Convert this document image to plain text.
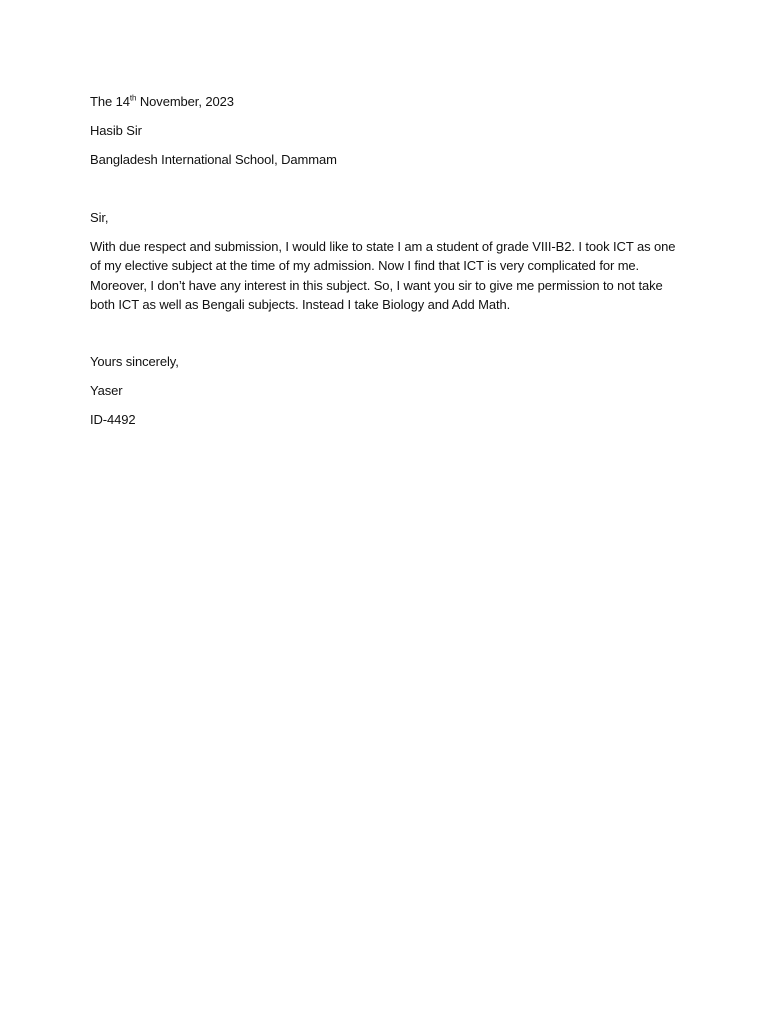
The 14th November, 2023
Hasib Sir
Bangladesh International School, Dammam
Sir,
With due respect and submission, I would like to state I am a student of grade VIII-B2. I took ICT as one
of my elective subject at the time of my admission. Now I find that ICT is very complicated for me.
Moreover, I don’t have any interest in this subject. So, I want you sir to give me permission to not take
both ICT as well as Bengali subjects. Instead I take Biology and Add Math.
Yours sincerely,
Yaser
ID-4492
